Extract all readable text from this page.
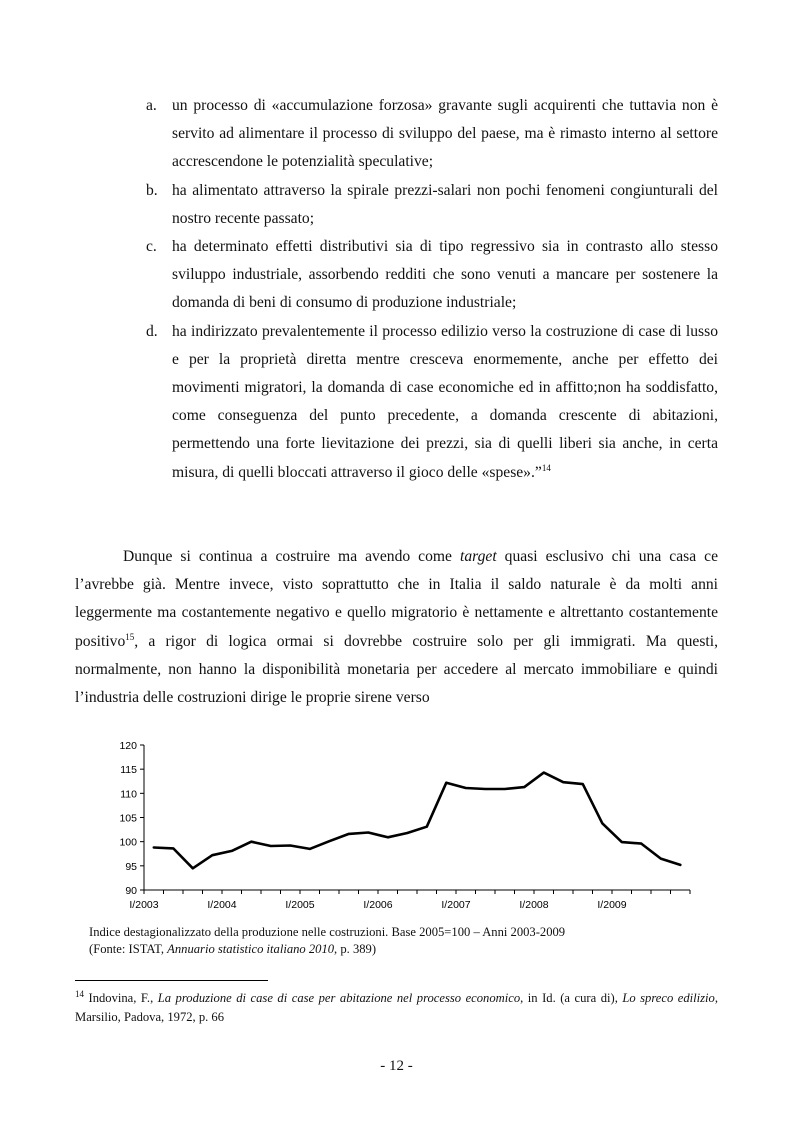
a. un processo di «accumulazione forzosa» gravante sugli acquirenti che tuttavia non è servito ad alimentare il processo di sviluppo del paese, ma è rimasto interno al settore accrescendone le potenzialità speculative;
b. ha alimentato attraverso la spirale prezzi-salari non pochi fenomeni congiunturali del nostro recente passato;
c. ha determinato effetti distributivi sia di tipo regressivo sia in contrasto allo stesso sviluppo industriale, assorbendo redditi che sono venuti a mancare per sostenere la domanda di beni di consumo di produzione industriale;
d. ha indirizzato prevalentemente il processo edilizio verso la costruzione di case di lusso e per la proprietà diretta mentre cresceva enormemente, anche per effetto dei movimenti migratori, la domanda di case economiche ed in affitto;non ha soddisfatto, come conseguenza del punto precedente, a domanda crescente di abitazioni, permettendo una forte lievitazione dei prezzi, sia di quelli liberi sia anche, in certa misura, di quelli bloccati attraverso il gioco delle «spese».”$^{14}$

Dunque si continua a costruire ma avendo come target quasi esclusivo chi una casa ce l’avrebbe già. Mentre invece, visto soprattutto che in Italia il saldo naturale è da molti anni leggermente ma costantemente negativo e quello migratorio è nettamente e altrettanto costantemente positivo$^{15}$, a rigor di logica ormai si dovrebbe costruire solo per gli immigrati. Ma questi, normalmente, non hanno la disponibilità monetaria per accedere al mercato immobiliare e quindi l’industria delle costruzioni dirige le proprie sirene verso

90
95
100
105
110
115
120
I/2003	I/2004	I/2005	I/2006	I/2007	I/2008	I/2009
Indice destagionalizzato della produzione nelle costruzioni. Base 2005=100 – Anni 2003-2009
(Fonte: ISTAT, Annuario statistico italiano 2010, p. 389)
$^{14}$ Indovina, F., La produzione di case di case per abitazione nel processo economico, in Id. (a cura di), Lo spreco edilizio, Marsilio, Padova, 1972, p. 66
- 12 -
